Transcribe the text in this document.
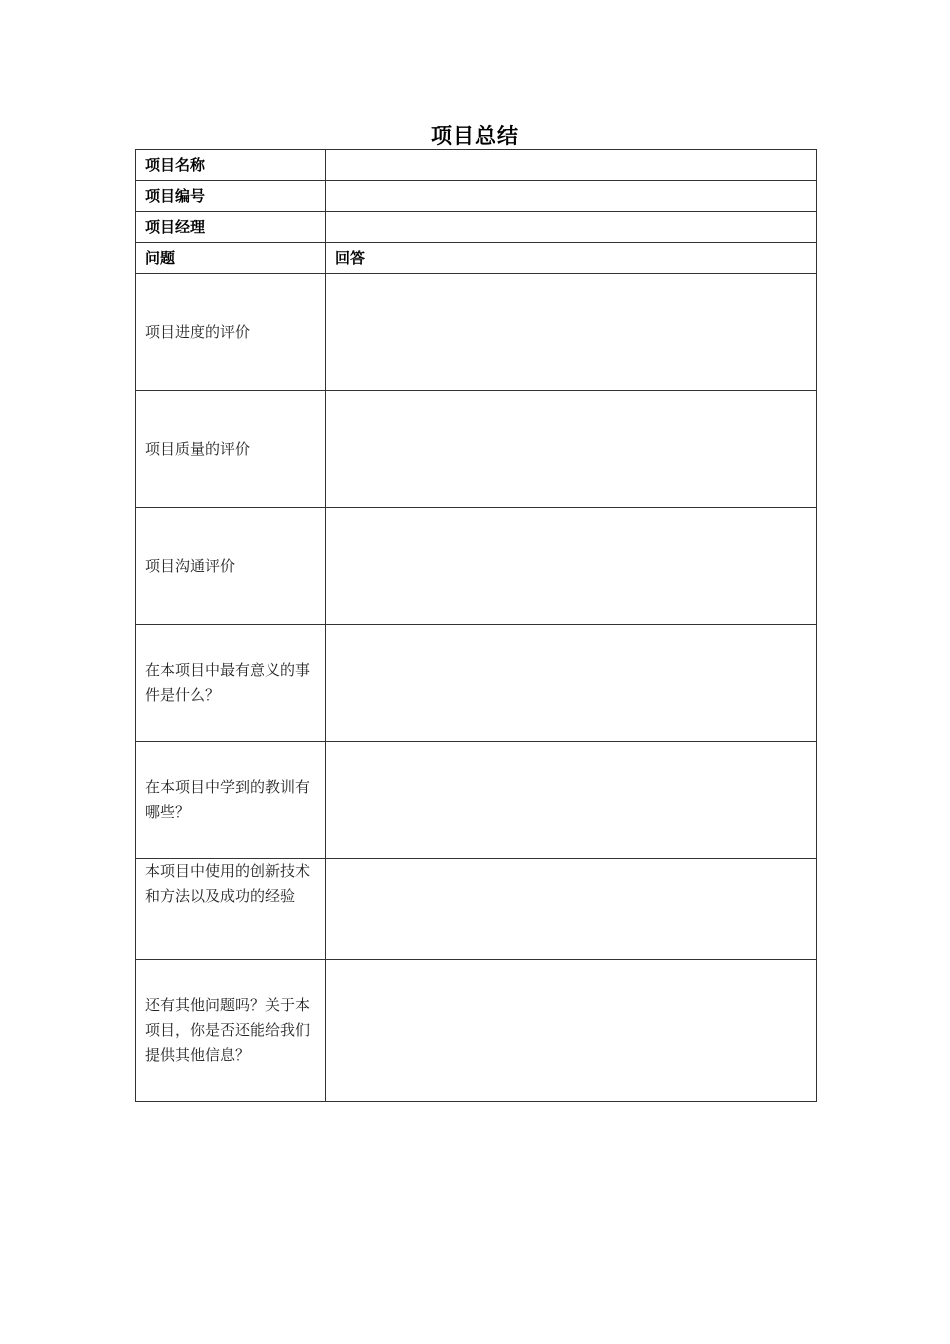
项目总结
项目名称	
项目编号	
项目经理	
问题	回答
项目进度的评价	
项目质量的评价	
项目沟通评价	
在本项目中最有意义的事件是什么？	
在本项目中学到的教训有哪些？	
本项目中使用的创新技术和方法以及成功的经验	
还有其他问题吗？关于本项目，你是否还能给我们提供其他信息？	
